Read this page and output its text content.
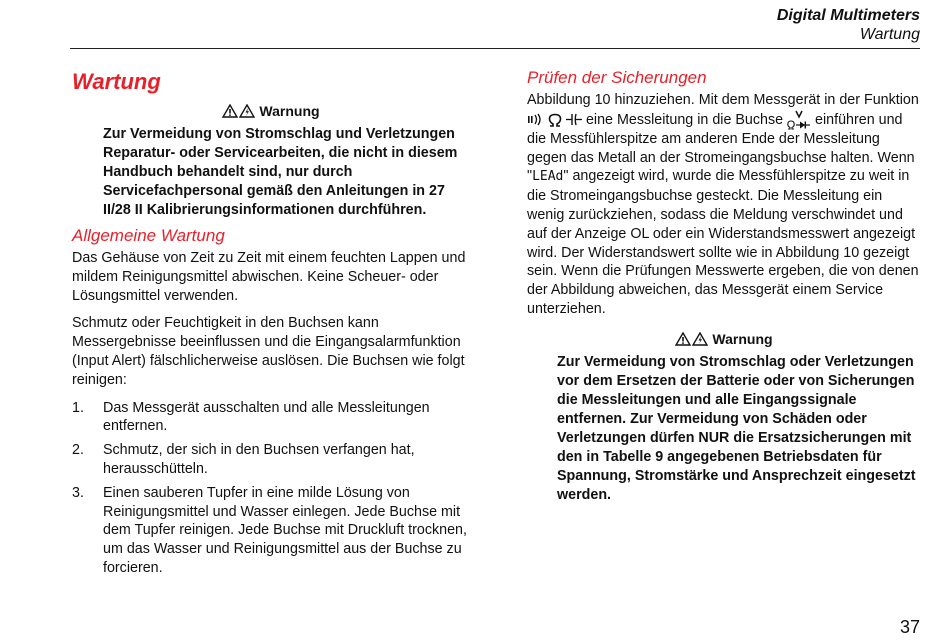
Digital Multimeters
Wartung
Wartung
Warnung
Zur Vermeidung von Stromschlag und Verletzungen Reparatur- oder Servicearbeiten, die nicht in diesem Handbuch behandelt sind, nur durch Servicefachpersonal gemäß den Anleitungen in 27 II/28 II Kalibrierungsinformationen durchführen.
Allgemeine Wartung

Das Gehäuse von Zeit zu Zeit mit einem feuchten Lappen und mildem Reinigungsmittel abwischen. Keine Scheuer- oder Lösungsmittel verwenden.

Schmutz oder Feuchtigkeit in den Buchsen kann Messergebnisse beeinflussen und die Eingangsalarmfunktion (Input Alert) fälschlicherweise auslösen. Die Buchsen wie folgt reinigen:

1.	Das Messgerät ausschalten und alle Messleitungen entfernen.
2.	Schmutz, der sich in den Buchsen verfangen hat, herausschütteln.
3.	Einen sauberen Tupfer in eine milde Lösung von Reinigungsmittel und Wasser einlegen. Jede Buchse mit dem Tupfer reinigen. Jede Buchse mit Druckluft trocknen, um das Wasser und Reinigungsmittel aus der Buchse zu forcieren.
Prüfen der Sicherungen

Abbildung 10 hinzuziehen. Mit dem Messgerät in der Funktion    eine Messleitung in die Buchse einführen und die Messfühlerspitze am anderen Ende der Messleitung gegen das Metall an der Stromeingangsbuchse halten. Wenn "LEAd" angezeigt wird, wurde die Messfühlerspitze zu weit in die Stromeingangsbuchse gesteckt. Die Messleitung ein wenig zurückziehen, sodass die Meldung verschwindet und auf der Anzeige OL oder ein Widerstandsmesswert angezeigt wird. Der Widerstandswert sollte wie in Abbildung 10 gezeigt sein. Wenn die Prüfungen Messwerte ergeben, die von denen der Abbildung abweichen, das Messgerät einem Service unterziehen.

Warnung
Zur Vermeidung von Stromschlag oder Verletzungen vor dem Ersetzen der Batterie oder von Sicherungen die Messleitungen und alle Eingangssignale entfernen. Zur Vermeidung von Schäden oder Verletzungen dürfen NUR die Ersatzsicherungen mit den in Tabelle 9 angegebenen Betriebsdaten für Spannung, Stromstärke und Ansprechzeit eingesetzt werden.
37
